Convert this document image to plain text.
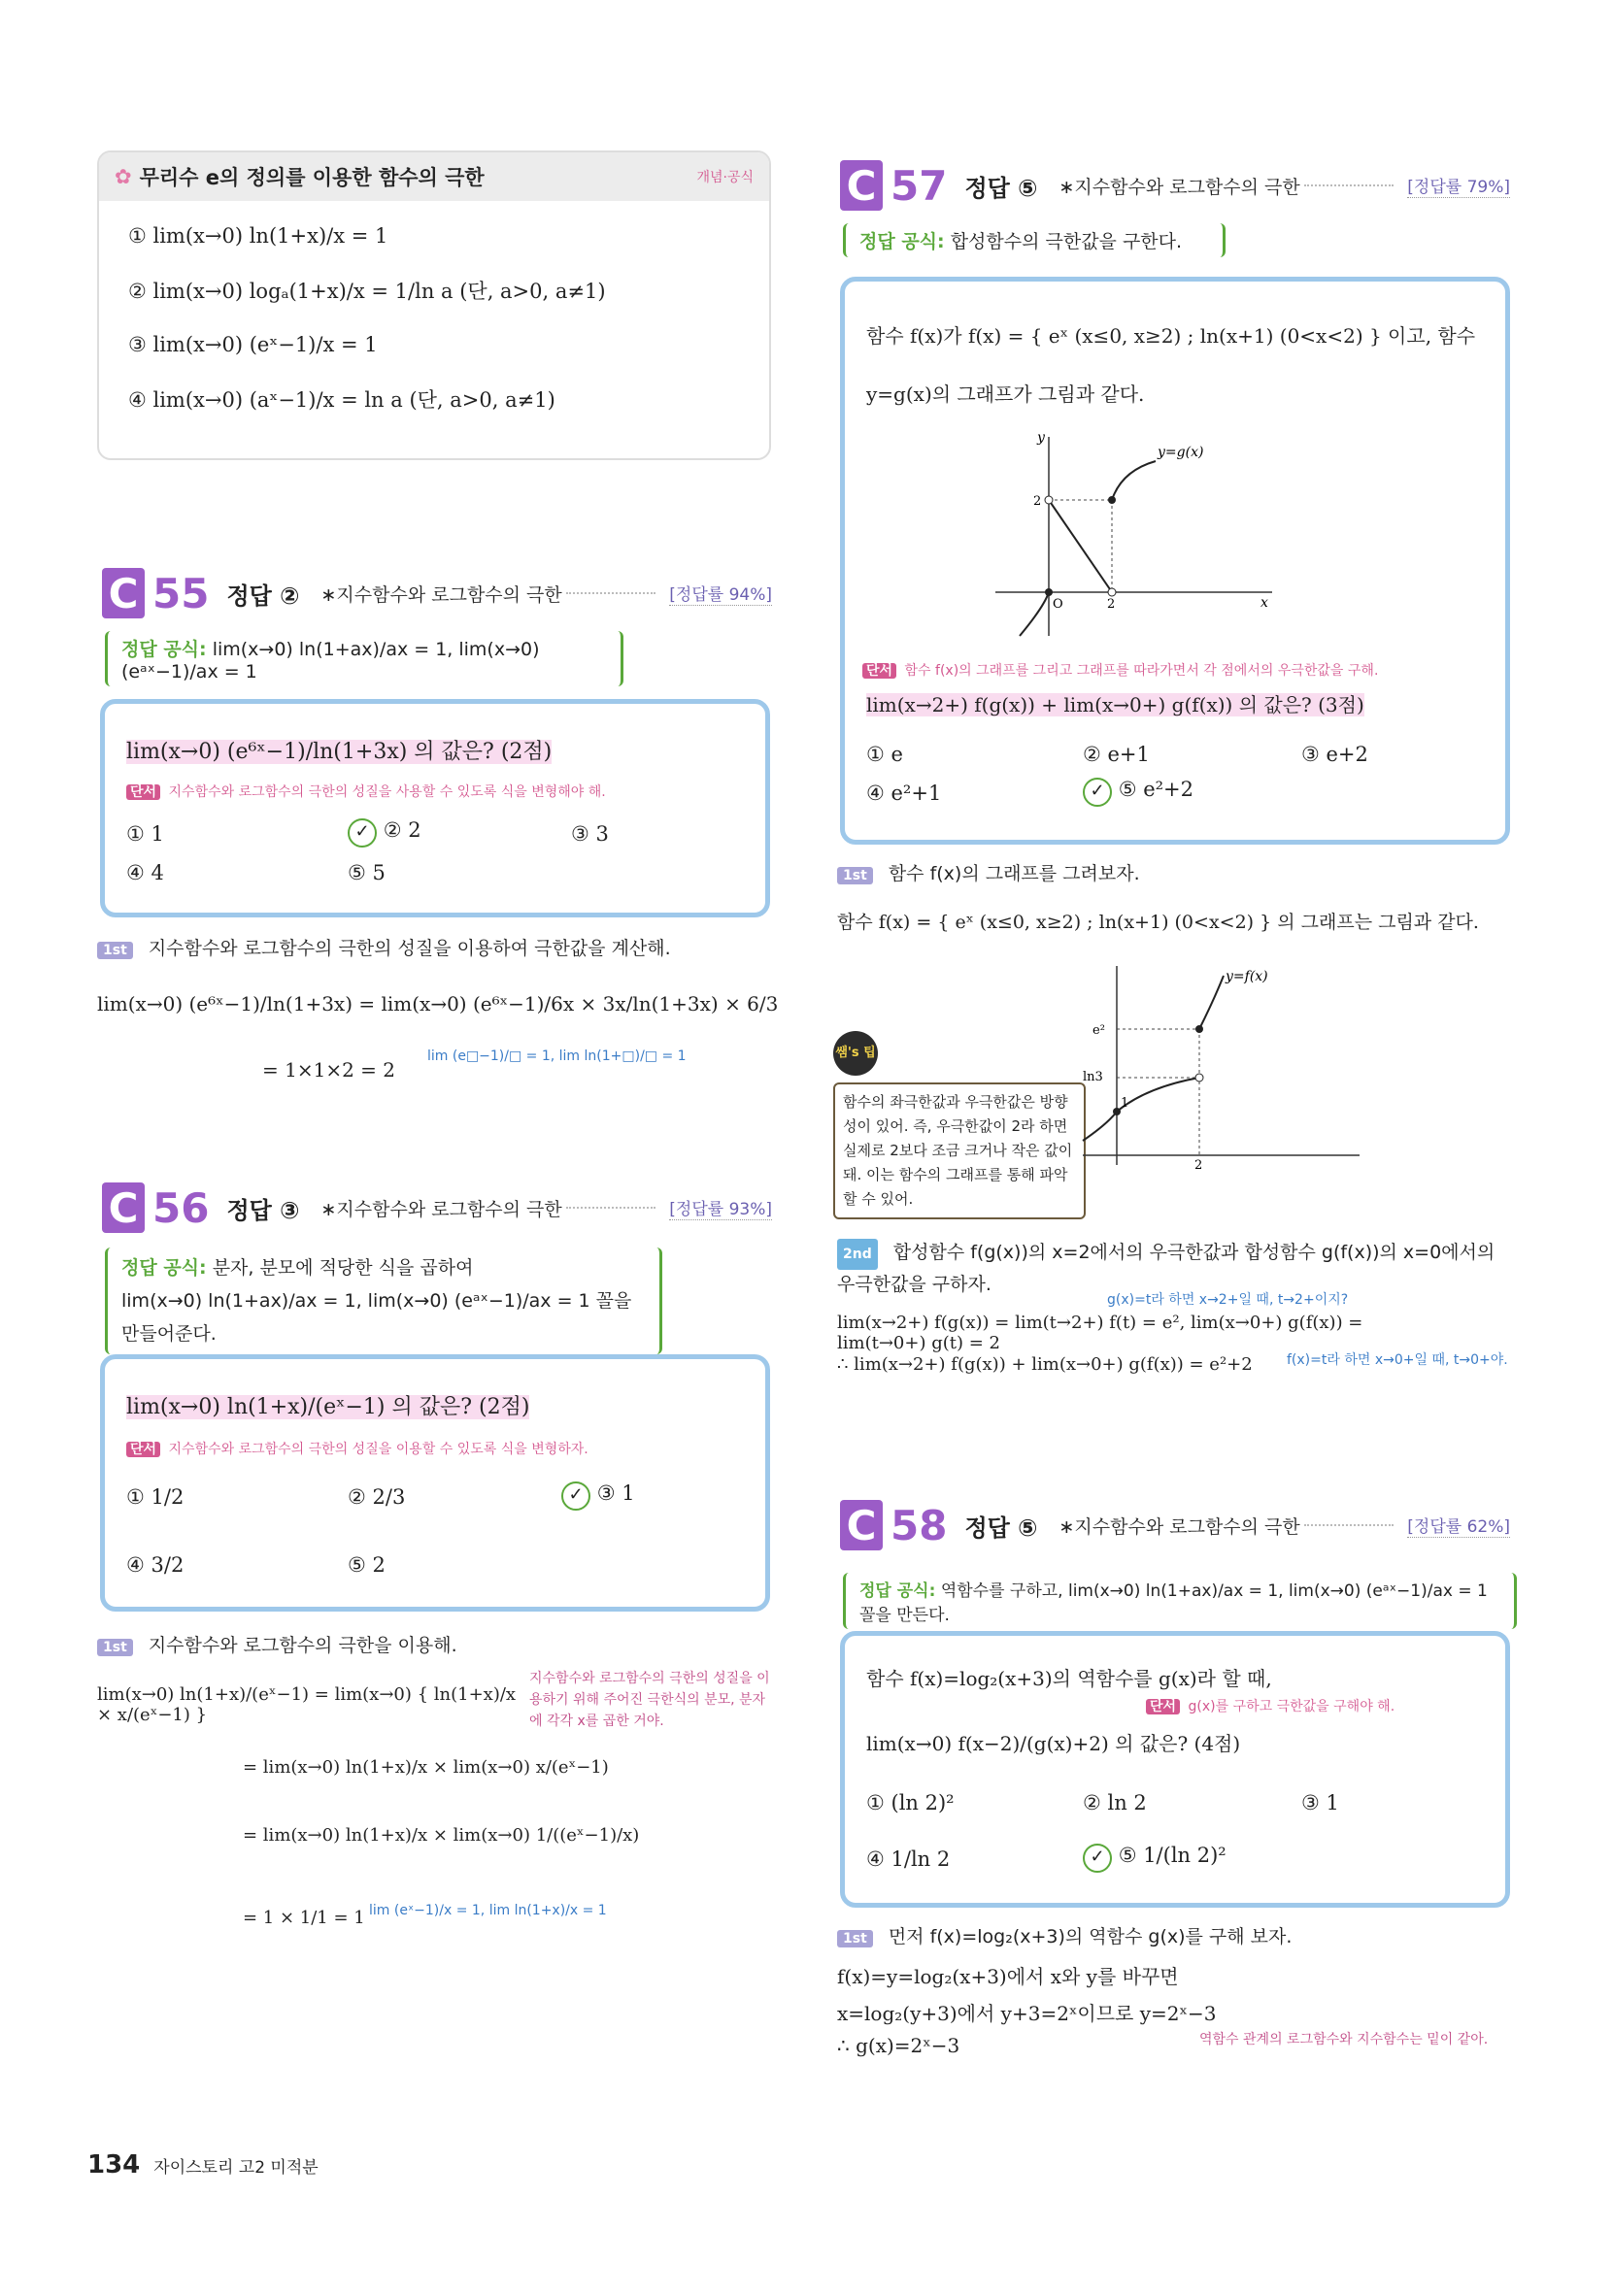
✿ 무리수 e의 정의를 이용한 함수의 극한	개념·공식

① lim(x→0) ln(1+x)/x = 1

② lim(x→0) logₐ(1+x)/x = 1/ln a (단, a>0, a≠1)

③ lim(x→0) (eˣ−1)/x = 1

④ lim(x→0) (aˣ−1)/x = ln a (단, a>0, a≠1)

C 55 정답 ② ∗지수함수와 로그함수의 극한	[정답률 94%]
정답 공식: lim(x→0) ln(1+ax)/ax = 1, lim(x→0) (eᵃˣ−1)/ax = 1
lim(x→0) (e⁶ˣ−1)/ln(1+3x) 의 값은? (2점)
단서 지수함수와 로그함수의 극한의 성질을 사용할 수 있도록 식을 변형해야 해.
① 1	✓ ② 2	③ 3
④ 4	⑤ 5
1st 지수함수와 로그함수의 극한의 성질을 이용하여 극한값을 계산해.
lim(x→0) (e⁶ˣ−1)/ln(1+3x) = lim(x→0) (e⁶ˣ−1)/6x × 3x/ln(1+3x) × 6/3
= 1×1×2 = 2
lim (e□−1)/□ = 1, lim ln(1+□)/□ = 1
C 56 정답 ③ ∗지수함수와 로그함수의 극한	[정답률 93%]
정답 공식: 분자, 분모에 적당한 식을 곱하여
lim(x→0) ln(1+ax)/ax = 1, lim(x→0) (eᵃˣ−1)/ax = 1 꼴을 만들어준다.
lim(x→0) ln(1+x)/(eˣ−1) 의 값은? (2점)
단서 지수함수와 로그함수의 극한의 성질을 이용할 수 있도록 식을 변형하자.
① 1/2	② 2/3	✓ ③ 1
④ 3/2	⑤ 2
1st 지수함수와 로그함수의 극한을 이용해.
lim(x→0) ln(1+x)/(eˣ−1) = lim(x→0) { ln(1+x)/x × x/(eˣ−1) }
지수함수와 로그함수의 극한의 성질을 이용하기 위해 주어진 극한식의 분모, 분자에 각각 x를 곱한 거야.
= lim(x→0) ln(1+x)/x × lim(x→0) x/(eˣ−1)
= lim(x→0) ln(1+x)/x × lim(x→0) 1/((eˣ−1)/x)
= 1 × 1/1 = 1 lim (eˣ−1)/x = 1, lim ln(1+x)/x = 1
C 57 정답 ⑤ ∗지수함수와 로그함수의 극한	[정답률 79%]
정답 공식: 합성함수의 극한값을 구한다.
함수 f(x)가 f(x) = { eˣ (x≤0, x≥2) ; ln(x+1) (0<x<2) } 이고, 함수
y=g(x)의 그래프가 그림과 같다.
y=g(x)
2
O	2	x
y
단서 함수 f(x)의 그래프를 그리고 그래프를 따라가면서 각 점에서의 우극한값을 구해.
lim(x→2+) f(g(x)) + lim(x→0+) g(f(x)) 의 값은? (3점)
① e	② e+1	③ e+2
④ e²+1	✓ ⑤ e²+2
1st 함수 f(x)의 그래프를 그려보자.
함수 f(x) = { eˣ (x≤0, x≥2) ; ln(x+1) (0<x<2) } 의 그래프는 그림과 같다.
쌤's 팁
함수의 좌극한값과 우극한값은 방향성이 있어. 즉, 우극한값이 2라 하면 실제로 2보다 조금 크거나 작은 값이 돼. 이는 함수의 그래프를 통해 파악할 수 있어.
y=f(x)
e²
ln3
1
2
2nd 합성함수 f(g(x))의 x=2에서의 우극한값과 합성함수 g(f(x))의 x=0에서의 우극한값을 구하자.
g(x)=t라 하면 x→2+일 때, t→2+이지?
lim(x→2+) f(g(x)) = lim(t→2+) f(t) = e², lim(x→0+) g(f(x)) = lim(t→0+) g(t) = 2
∴ lim(x→2+) f(g(x)) + lim(x→0+) g(f(x)) = e²+2	f(x)=t라 하면 x→0+일 때, t→0+야.
C 58 정답 ⑤ ∗지수함수와 로그함수의 극한	[정답률 62%]
정답 공식: 역함수를 구하고, lim(x→0) ln(1+ax)/ax = 1, lim(x→0) (eᵃˣ−1)/ax = 1 꼴을 만든다.
함수 f(x)=log₂(x+3)의 역함수를 g(x)라 할 때,
단서 g(x)를 구하고 극한값을 구해야 해.
lim(x→0) f(x−2)/(g(x)+2) 의 값은? (4점)
① (ln 2)²	② ln 2	③ 1
④ 1/ln 2	✓ ⑤ 1/(ln 2)²
1st 먼저 f(x)=log₂(x+3)의 역함수 g(x)를 구해 보자.
f(x)=y=log₂(x+3)에서 x와 y를 바꾸면
x=log₂(y+3)에서 y+3=2ˣ이므로 y=2ˣ−3
역함수 관계의 로그함수와 지수함수는 밑이 같아.
∴ g(x)=2ˣ−3
134 자이스토리 고2 미적분
